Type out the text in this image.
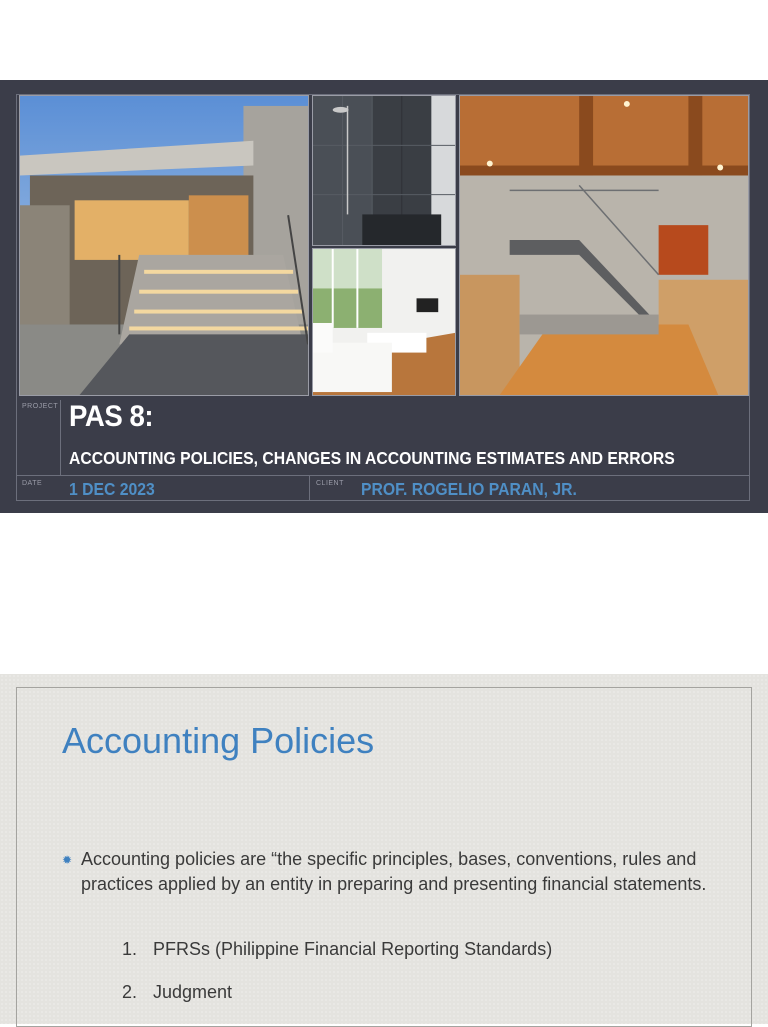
PROJECT
DATE	CLIENT
PAS 8:
ACCOUNTING POLICIES, CHANGES IN ACCOUNTING ESTIMATES AND ERRORS
1 DEC 2023	PROF. ROGELIO PARAN, JR.
Accounting Policies
✹ Accounting policies are “the specific principles, bases, conventions, rules and practices applied by an entity in preparing and presenting financial statements.
1. PFRSs (Philippine Financial Reporting Standards)
2. Judgment
